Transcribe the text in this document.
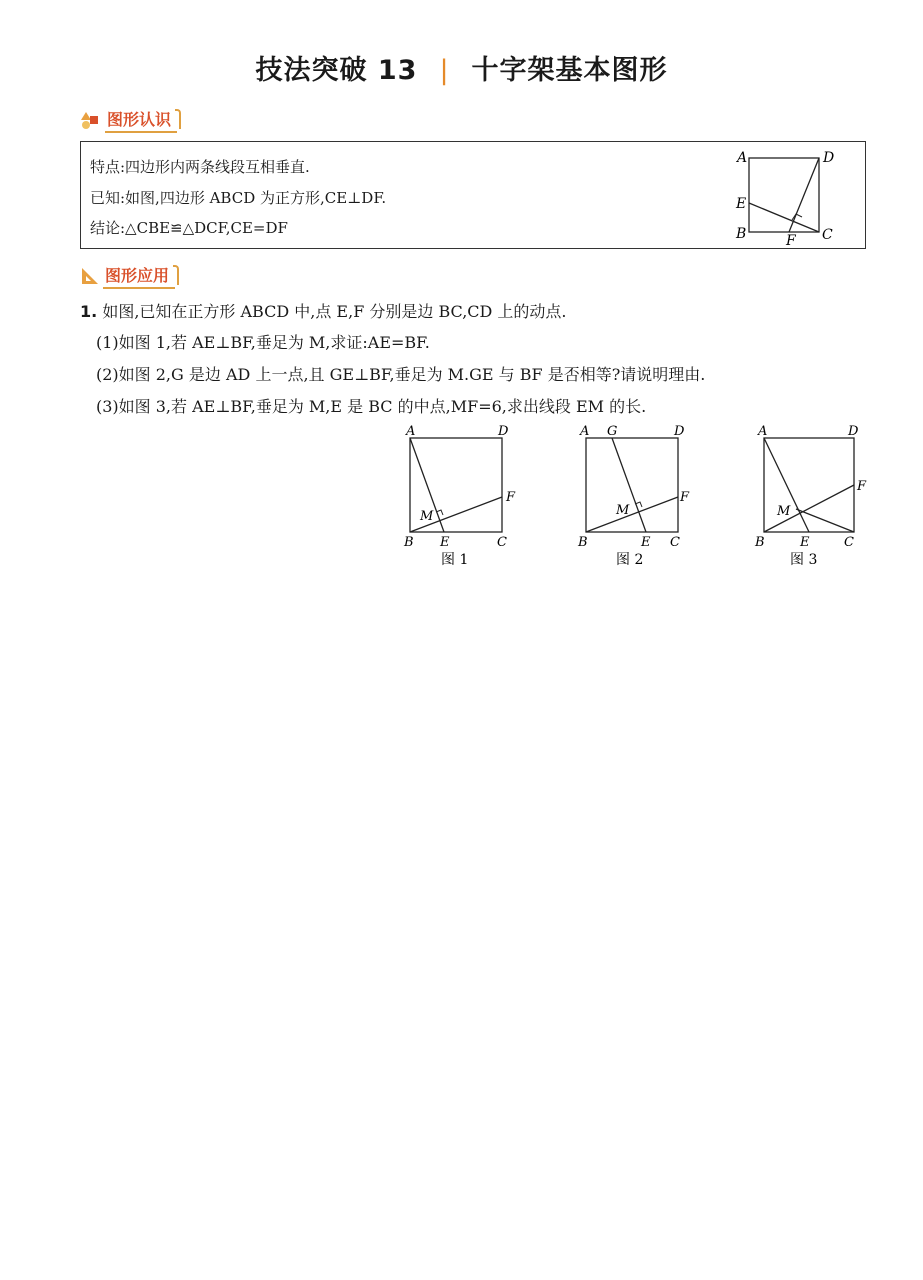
技法突破 13 | 十字架基本图形
图形认识
特点:四边形内两条线段互相垂直.
已知:如图,四边形 ABCD 为正方形,CE⊥DF.
结论:△CBE≌△DCF,CE=DF
A	D
E
B	F C
图形应用
1. 如图,已知在正方形 ABCD 中,点 E,F 分别是边 BC,CD 上的动点.
(1)如图 1,若 AE⊥BF,垂足为 M,求证:AE=BF.
(2)如图 2,G 是边 AD 上一点,且 GE⊥BF,垂足为 M.GE 与 BF 是否相等?请说明理由.
(3)如图 3,若 AE⊥BF,垂足为 M,E 是 BC 的中点,MF=6,求出线段 EM 的长.
A	D
F
M
B E	C
图 1
A G	D
F
M
B	E C
图 2
A	D
F
M
B	E	C
图 3
